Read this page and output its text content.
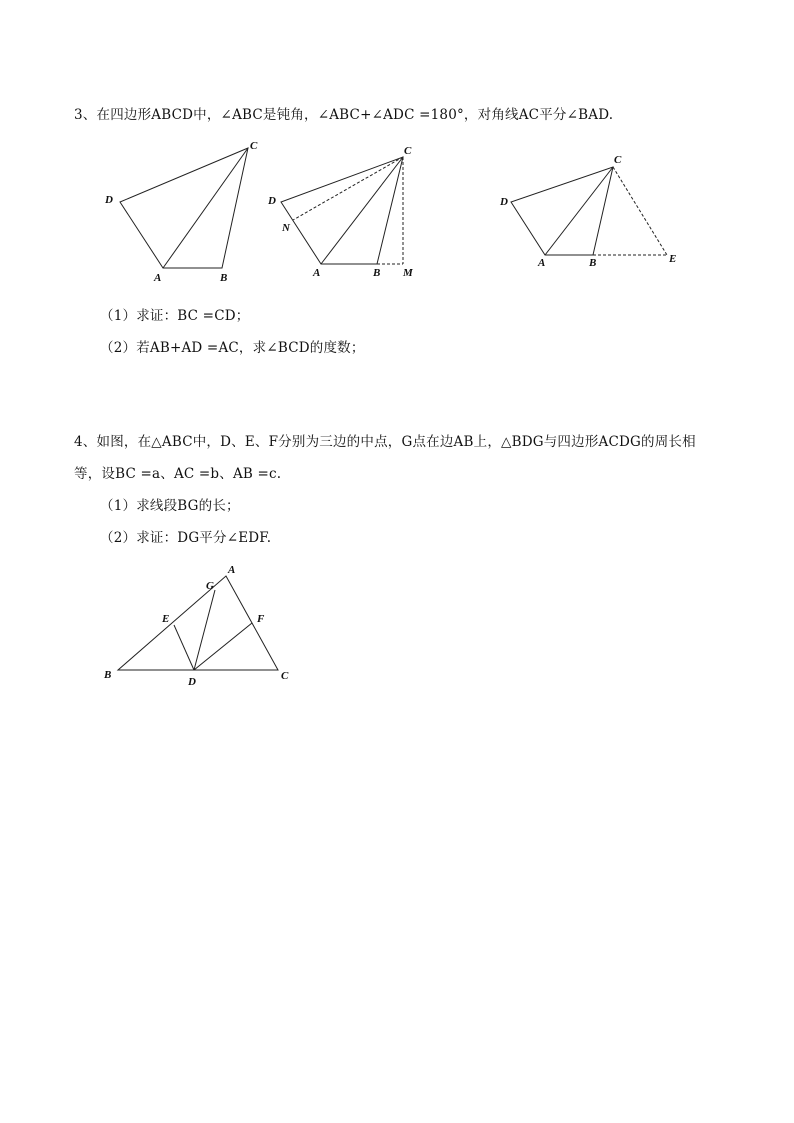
3、在四边形ABCD中，∠ABC是钝角，∠ABC+∠ADC =180°，对角线AC平分∠BAD.
C
D
A	B
C
D
N
A	B M
C
D
A	B	E
（1）求证：BC =CD；
（2）若AB+AD =AC，求∠BCD的度数；
4、如图，在△ABC中，D、E、F分别为三边的中点，G点在边AB上，△BDG与四边形ACDG的周长相
等，设BC =a、AC =b、AB =c.
（1）求线段BG的长；
（2）求证：DG平分∠EDF.
A
G
E	F
B
D	C
